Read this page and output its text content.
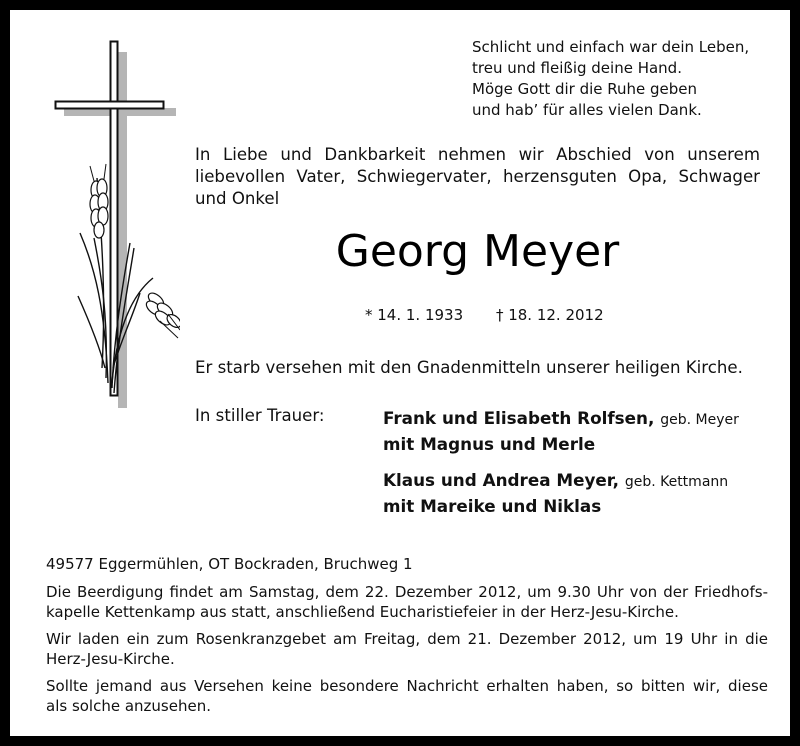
Schlicht und einfach war dein Leben,
treu und fleißig deine Hand.
Möge Gott dir die Ruhe geben
und hab’ für alles vielen Dank.
In Liebe und Dankbarkeit nehmen wir Abschied von unserem
liebevollen Vater, Schwiegervater, herzensguten Opa, Schwager
und Onkel
Georg Meyer
* 14. 1. 1933 † 18. 12. 2012
Er starb versehen mit den Gnadenmitteln unserer heiligen Kirche.
In stiller Trauer:	Frank und Elisabeth Rolfsen, geb. Meyer
mit Magnus und Merle
Klaus und Andrea Meyer, geb. Kettmann
mit Mareike und Niklas
49577 Eggermühlen, OT Bockraden, Bruchweg 1
Die Beerdigung findet am Samstag, dem 22. Dezember 2012, um 9.30 Uhr von der Friedhofs-
kapelle Kettenkamp aus statt, anschließend Eucharistiefeier in der Herz-Jesu-Kirche.
Wir laden ein zum Rosenkranzgebet am Freitag, dem 21. Dezember 2012, um 19 Uhr in die
Herz-Jesu-Kirche.
Sollte jemand aus Versehen keine besondere Nachricht erhalten haben, so bitten wir, diese
als solche anzusehen.
